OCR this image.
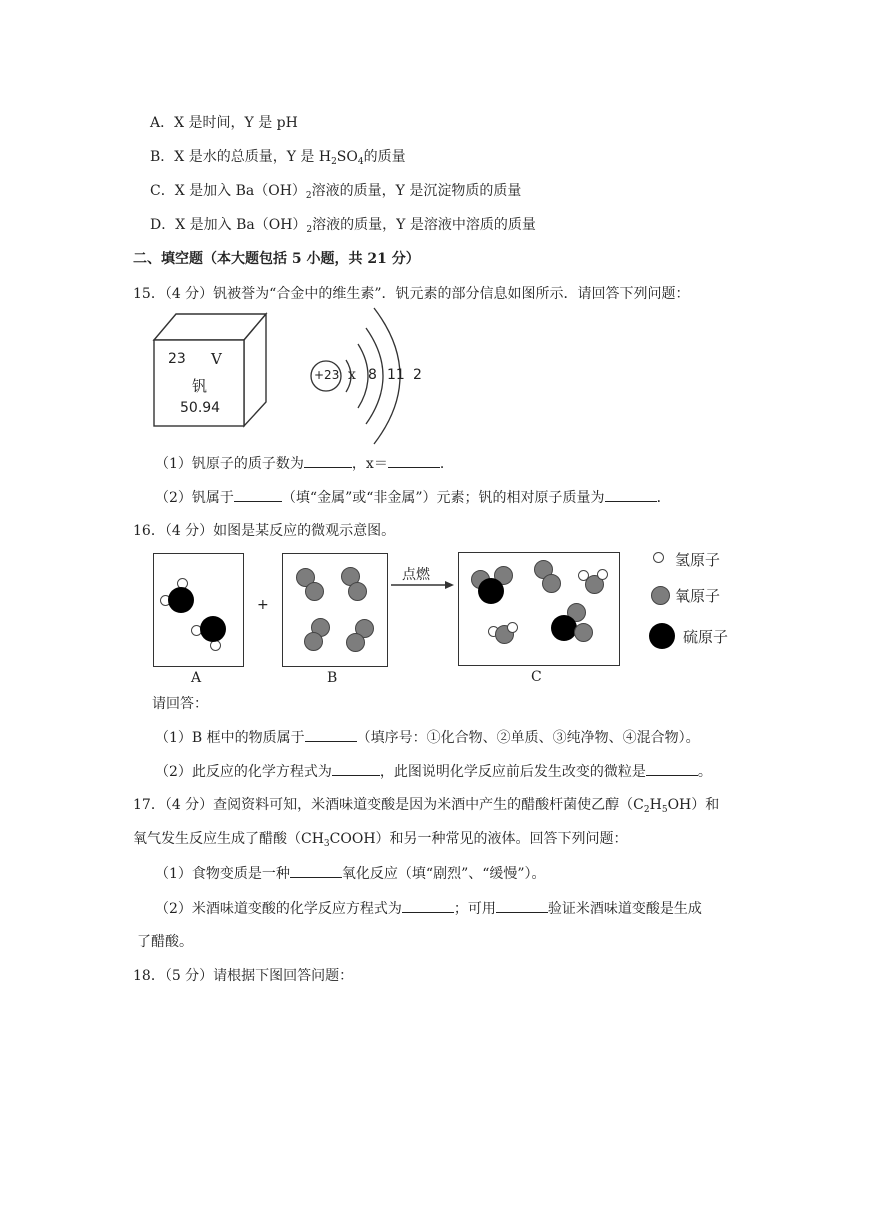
A．X 是时间，Y 是 pH
B．X 是水的总质量，Y 是 $H_2SO_4$的质量
C．X 是加入 $Ba(OH)_2$溶液的质量，Y 是沉淀物质的质量
D．X 是加入 $Ba(OH)_2$溶液的质量，Y 是溶液中溶质的质量
二、填空题（本大题包括 5 小题，共 21 分）
15．（4 分）钒被誉为“合金中的维生素”．钒元素的部分信息如图所示．请回答下列问题：
23 V
钒
50.94
+23 x 8 11 2
（1）钒原子的质子数为	，x＝	．
（2）钒属于	（填“金属”或“非金属”）元素；钒的相对原子质量为	．
16．（4 分）如图是某反应的微观示意图。
+
点燃
A	B	C
氢原子
氧原子
硫原子
请回答：
（1）B 框中的物质属于	（填序号：①化合物、②单质、③纯净物、④混合物）。
（2）此反应的化学方程式为	，此图说明化学反应前后发生改变的微粒是	。
17．（4 分）查阅资料可知，米酒味道变酸是因为米酒中产生的醋酸杆菌使乙醇$(C_2H_5OH)$和
氧气发生反应生成了醋酸$(CH_3COOH)$和另一种常见的液体。回答下列问题：
（1）食物变质是一种	氧化反应（填“剧烈”、“缓慢”）。
（2）米酒味道变酸的化学反应方程式为	；可用	验证米酒味道变酸是生成
了醋酸。
18．（5 分）请根据下图回答问题：
